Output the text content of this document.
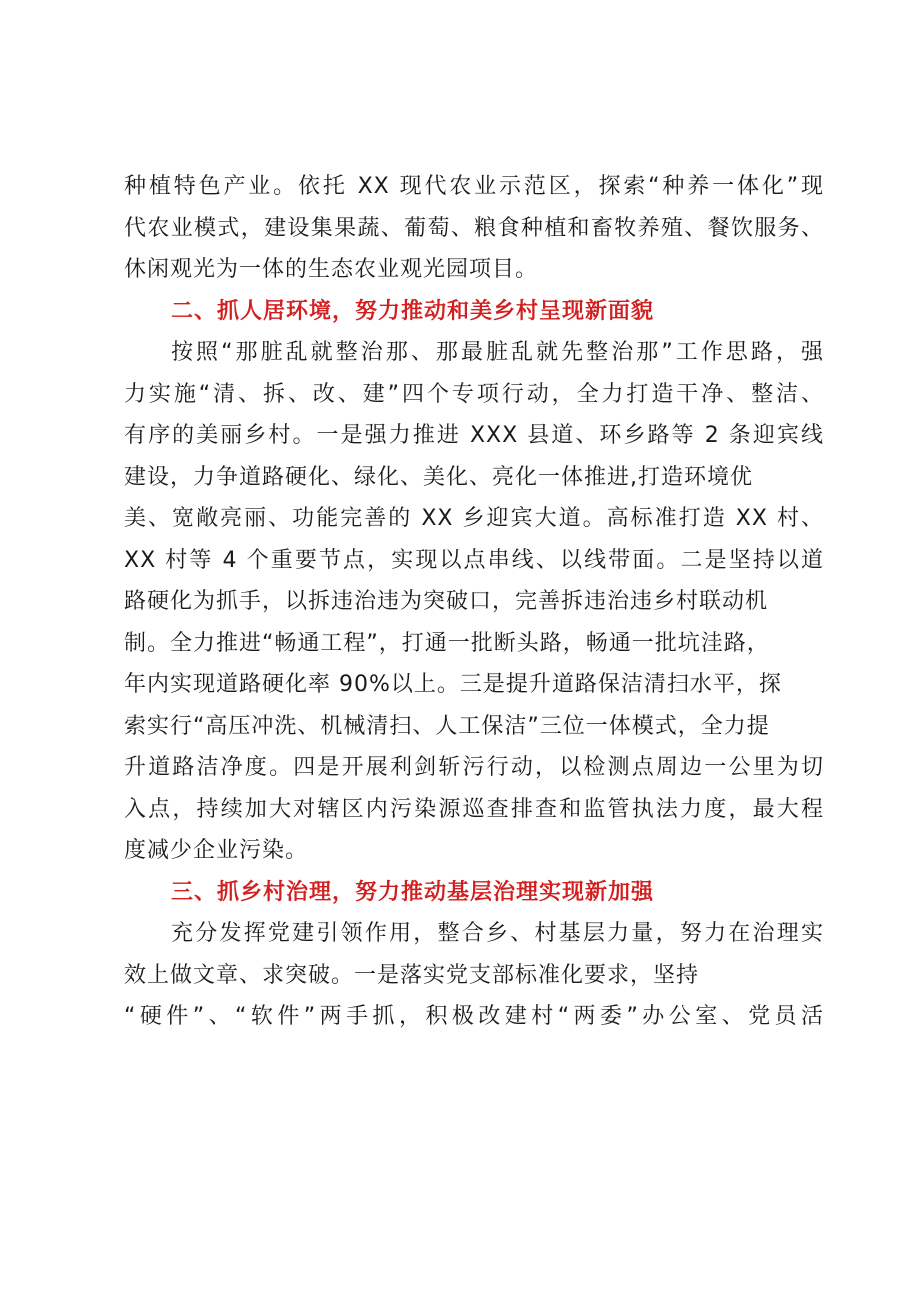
种植特色产业。依托 XX 现代农业示范区，探索“种养一体化”现
代农业模式，建设集果蔬、葡萄、粮食种植和畜牧养殖、餐饮服务、
休闲观光为一体的生态农业观光园项目。
二、抓人居环境，努力推动和美乡村呈现新面貌
按照“那脏乱就整治那、那最脏乱就先整治那”工作思路，强
力实施“清、拆、改、建”四个专项行动，全力打造干净、整洁、
有序的美丽乡村。一是强力推进 XXX 县道、环乡路等 2 条迎宾线
建设，力争道路硬化、绿化、美化、亮化一体推进,打造环境优
美、宽敞亮丽、功能完善的 XX 乡迎宾大道。高标准打造 XX 村、
XX 村等 4 个重要节点，实现以点串线、以线带面。二是坚持以道
路硬化为抓手，以拆违治违为突破口，完善拆违治违乡村联动机
制。全力推进“畅通工程”，打通一批断头路，畅通一批坑洼路，
年内实现道路硬化率 90%以上。三是提升道路保洁清扫水平，探
索实行“高压冲洗、机械清扫、人工保洁”三位一体模式，全力提
升道路洁净度。四是开展利剑斩污行动，以检测点周边一公里为切
入点，持续加大对辖区内污染源巡查排查和监管执法力度，最大程
度减少企业污染。
三、抓乡村治理，努力推动基层治理实现新加强
充分发挥党建引领作用，整合乡、村基层力量，努力在治理实
效上做文章、求突破。一是落实党支部标准化要求，坚持
“硬件”、“软件”两手抓，积极改建村“两委”办公室、党员活
